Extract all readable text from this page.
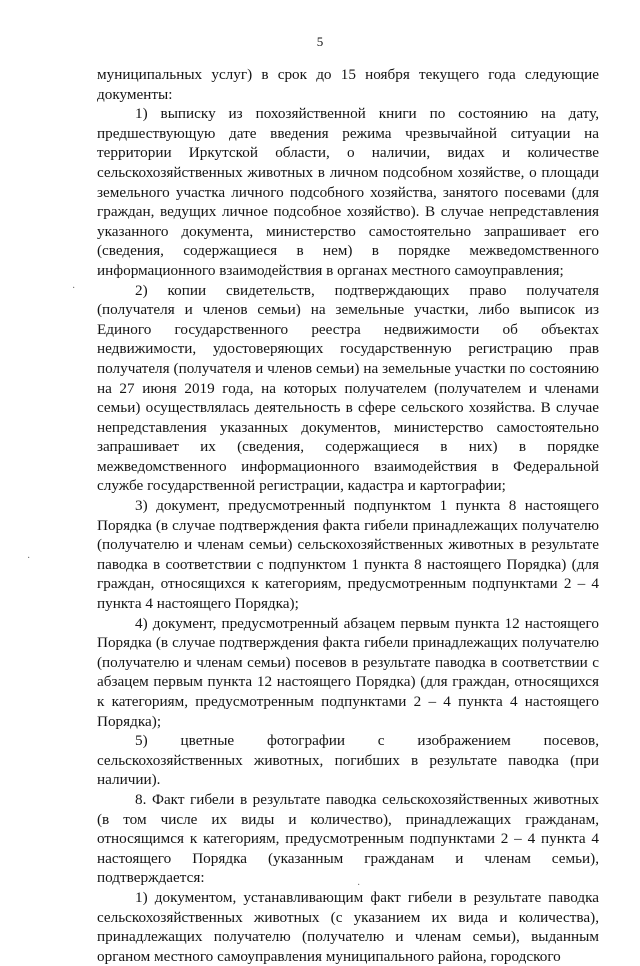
5
·
·
·

муниципальных услуг) в срок до 15 ноября текущего года следующие документы:

1) выписку из похозяйственной книги по состоянию на дату, предшествующую дате введения режима чрезвычайной ситуации на территории Иркутской области, о наличии, видах и количестве сельскохозяйственных животных в личном подсобном хозяйстве, о площади земельного участка личного подсобного хозяйства, занятого посевами (для граждан, ведущих личное подсобное хозяйство). В случае непредставления указанного документа, министерство самостоятельно запрашивает его (сведения, содержащиеся в нем) в порядке межведомственного информационного взаимодействия в органах местного самоуправления;

2) копии свидетельств, подтверждающих право получателя (получателя и членов семьи) на земельные участки, либо выписок из Единого государственного реестра недвижимости об объектах недвижимости, удостоверяющих государственную регистрацию прав получателя (получателя и членов семьи) на земельные участки по состоянию на 27 июня 2019 года, на которых получателем (получателем и членами семьи) осуществлялась деятельность в сфере сельского хозяйства. В случае непредставления указанных документов, министерство самостоятельно запрашивает их (сведения, содержащиеся в них) в порядке межведомственного информационного взаимодействия в Федеральной службе государственной регистрации, кадастра и картографии;

3) документ, предусмотренный подпунктом 1 пункта 8 настоящего Порядка (в случае подтверждения факта гибели принадлежащих получателю (получателю и членам семьи) сельскохозяйственных животных в результате паводка в соответствии с подпунктом 1 пункта 8 настоящего Порядка) (для граждан, относящихся к категориям, предусмотренным подпунктами 2 – 4 пункта 4 настоящего Порядка);

4) документ, предусмотренный абзацем первым пункта 12 настоящего Порядка (в случае подтверждения факта гибели принадлежащих получателю (получателю и членам семьи) посевов в результате паводка в соответствии с абзацем первым пункта 12 настоящего Порядка) (для граждан, относящихся к категориям, предусмотренным подпунктами 2 – 4 пункта 4 настоящего Порядка);

5) цветные фотографии с изображением посевов, сельскохозяйственных животных, погибших в результате паводка (при наличии).

8. Факт гибели в результате паводка сельскохозяйственных животных (в том числе их виды и количество), принадлежащих гражданам, относящимся к категориям, предусмотренным подпунктами 2 – 4 пункта 4 настоящего Порядка (указанным гражданам и членам семьи), подтверждается:

1) документом, устанавливающим факт гибели в результате паводка сельскохозяйственных животных (с указанием их вида и количества), принадлежащих получателю (получателю и членам семьи), выданным органом местного самоуправления муниципального района, городского
